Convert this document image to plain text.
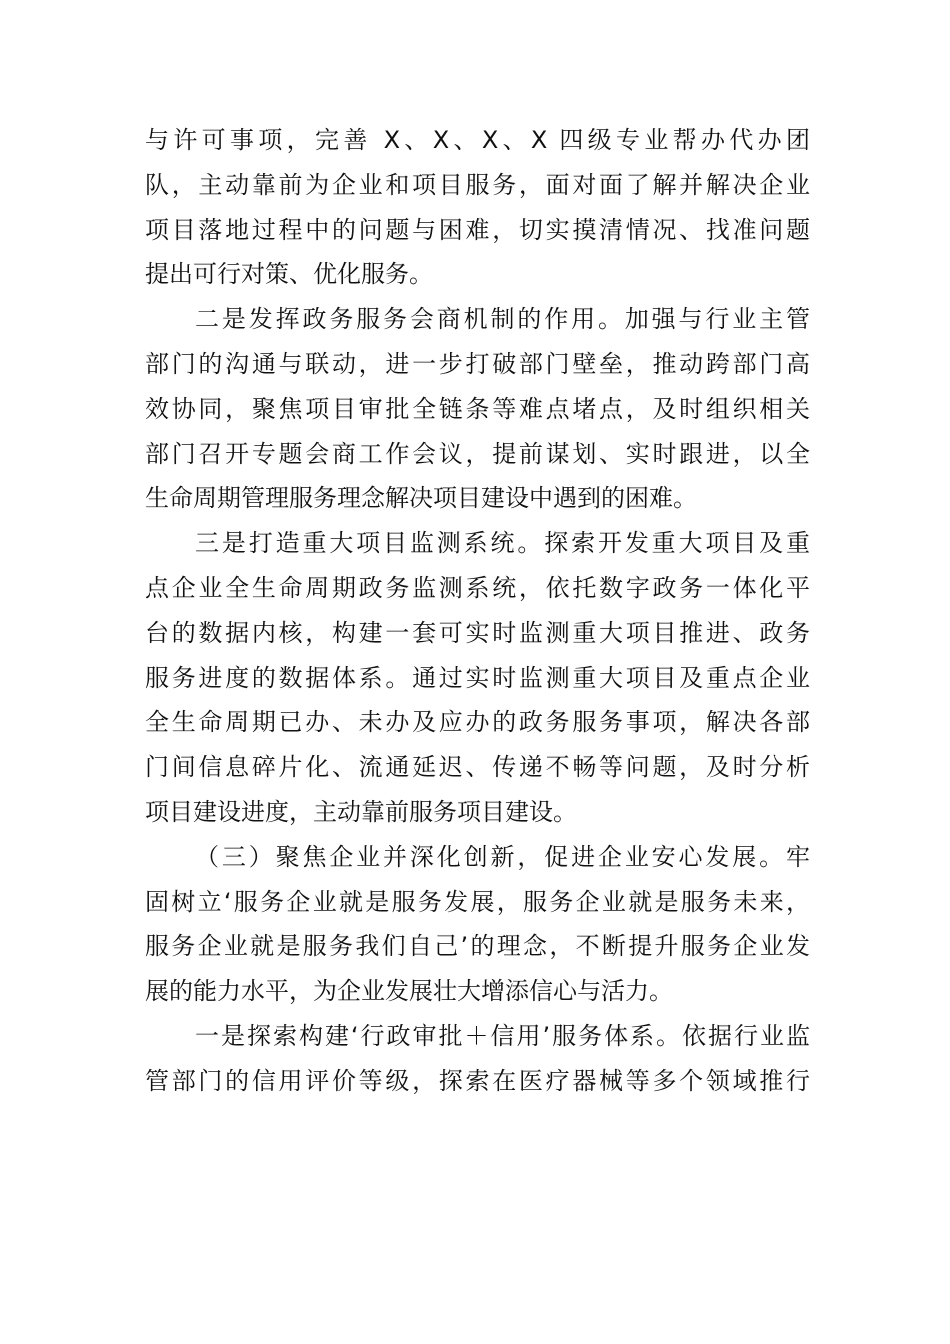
与许可事项，完善 X、X、X、X 四级专业帮办代办团
队，主动靠前为企业和项目服务，面对面了解并解决企业
项目落地过程中的问题与困难，切实摸清情况、找准问题
提出可行对策、优化服务。
二是发挥政务服务会商机制的作用。加强与行业主管
部门的沟通与联动，进一步打破部门壁垒，推动跨部门高
效协同，聚焦项目审批全链条等难点堵点，及时组织相关
部门召开专题会商工作会议，提前谋划、实时跟进，以全
生命周期管理服务理念解决项目建设中遇到的困难。
三是打造重大项目监测系统。探索开发重大项目及重
点企业全生命周期政务监测系统，依托数字政务一体化平
台的数据内核，构建一套可实时监测重大项目推进、政务
服务进度的数据体系。通过实时监测重大项目及重点企业
全生命周期已办、未办及应办的政务服务事项，解决各部
门间信息碎片化、流通延迟、传递不畅等问题，及时分析
项目建设进度，主动靠前服务项目建设。
（三）聚焦企业并深化创新，促进企业安心发展。牢
固树立‘服务企业就是服务发展，服务企业就是服务未来，
服务企业就是服务我们自己’的理念，不断提升服务企业发
展的能力水平，为企业发展壮大增添信心与活力。
一是探索构建‘行政审批＋信用’服务体系。依据行业监
管部门的信用评价等级，探索在医疗器械等多个领域推行
